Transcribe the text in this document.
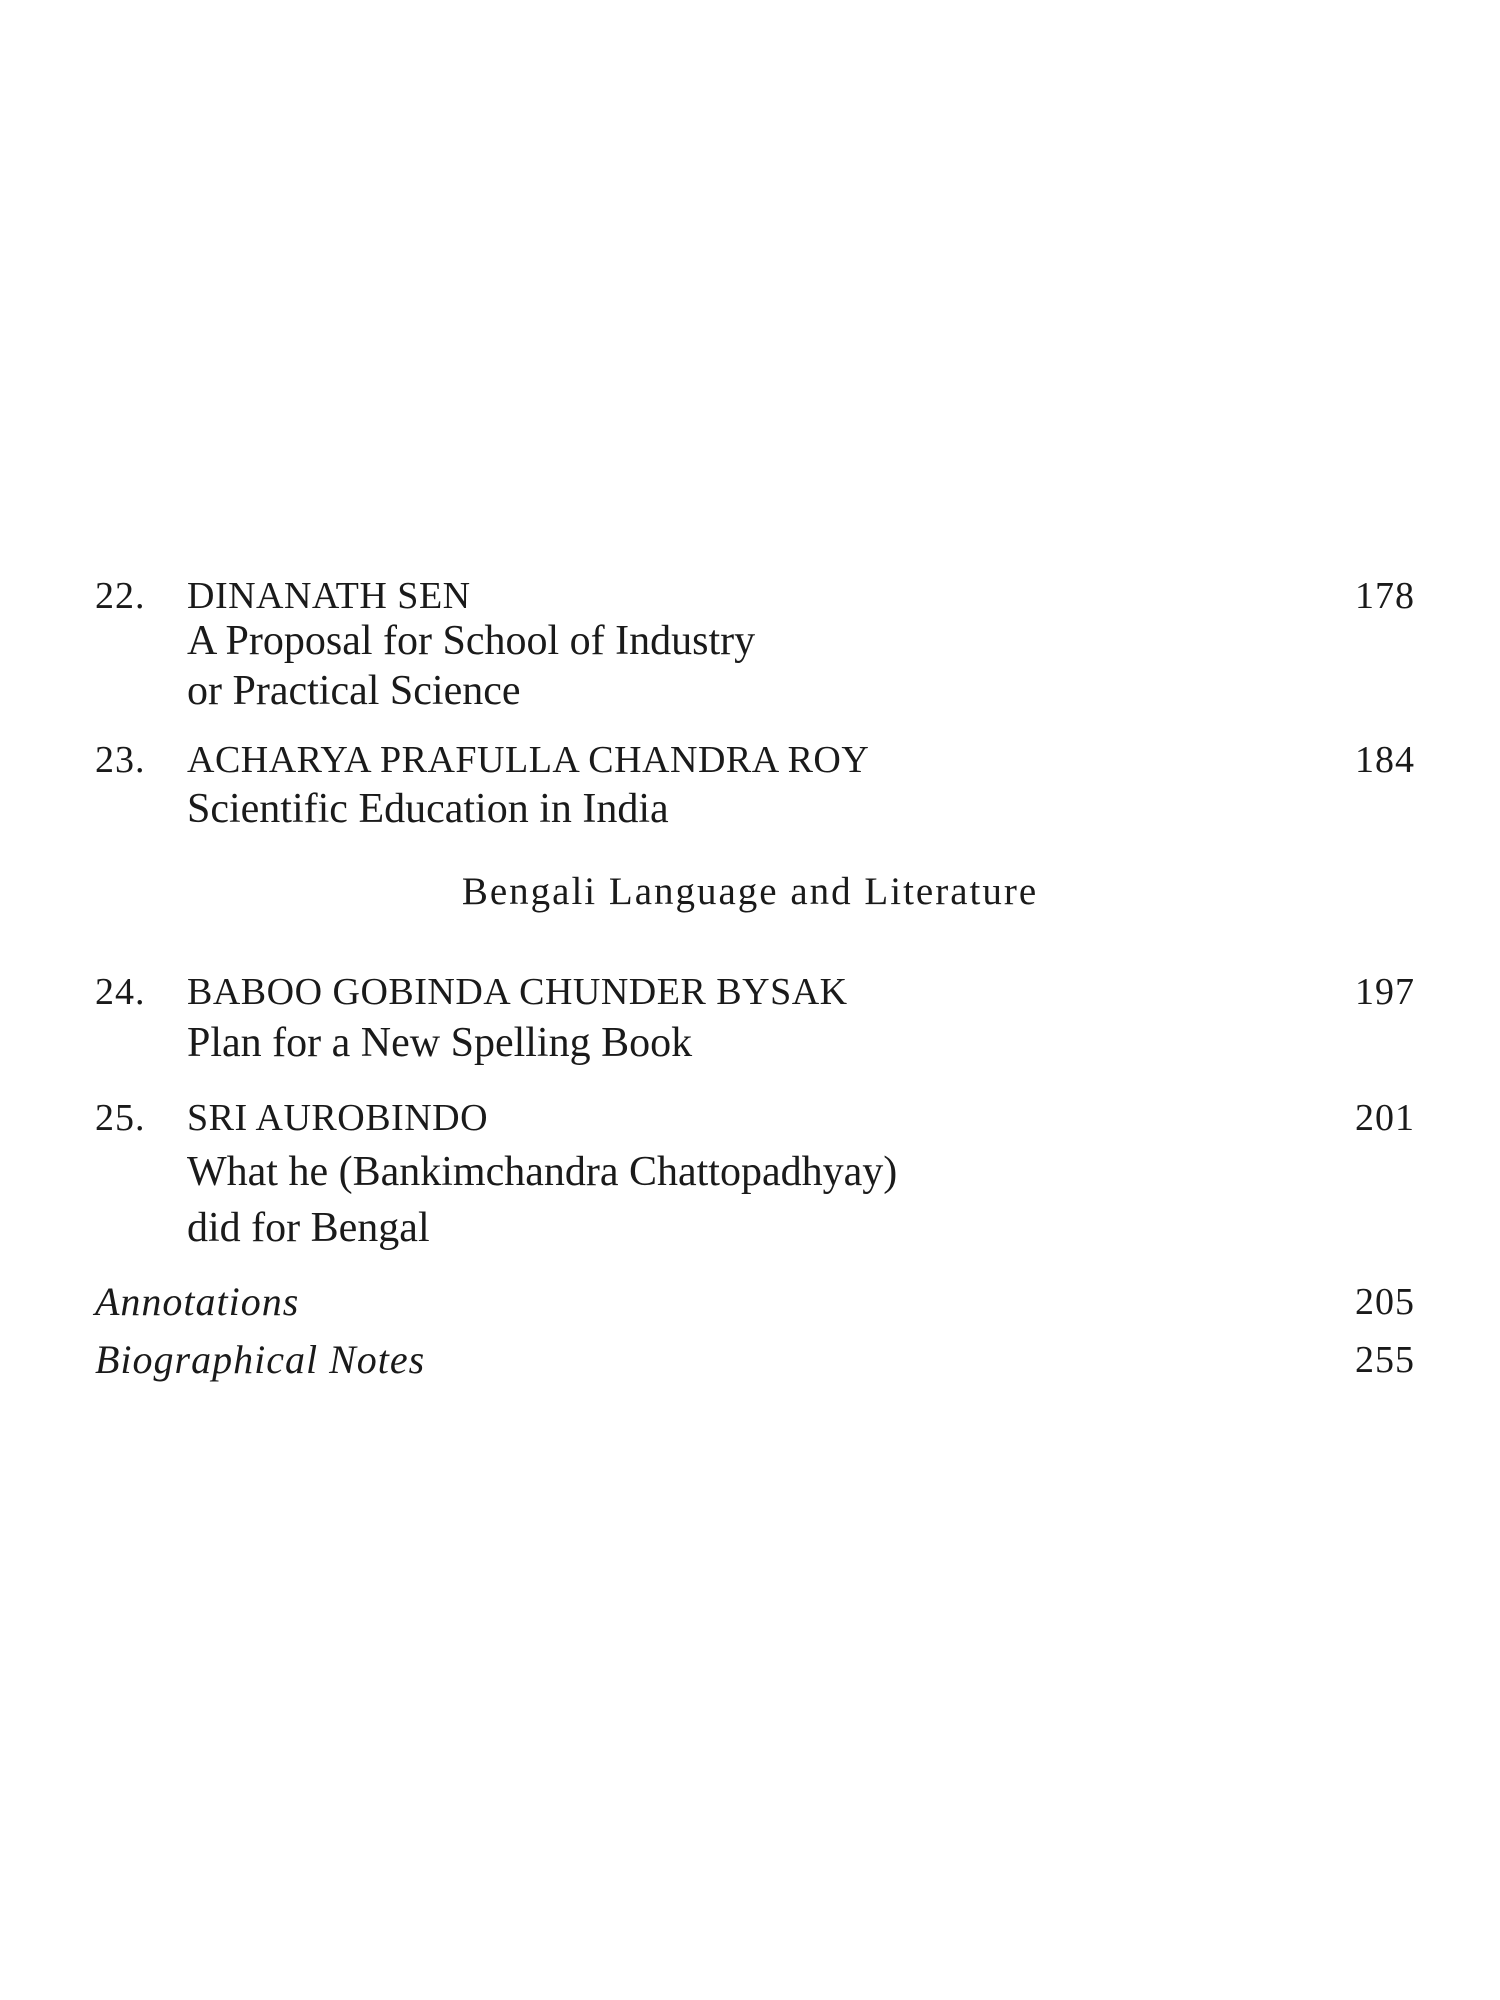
22. DINANATH SEN	178
A Proposal for School of Industry
or Practical Science
23. ACHARYA PRAFULLA CHANDRA ROY	184
Scientific Education in India
Bengali Language and Literature
24. BABOO GOBINDA CHUNDER BYSAK	197
Plan for a New Spelling Book
25. SRI AUROBINDO	201
What he (Bankimchandra Chattopadhyay)
did for Bengal
Annotations	205
Biographical Notes	255
